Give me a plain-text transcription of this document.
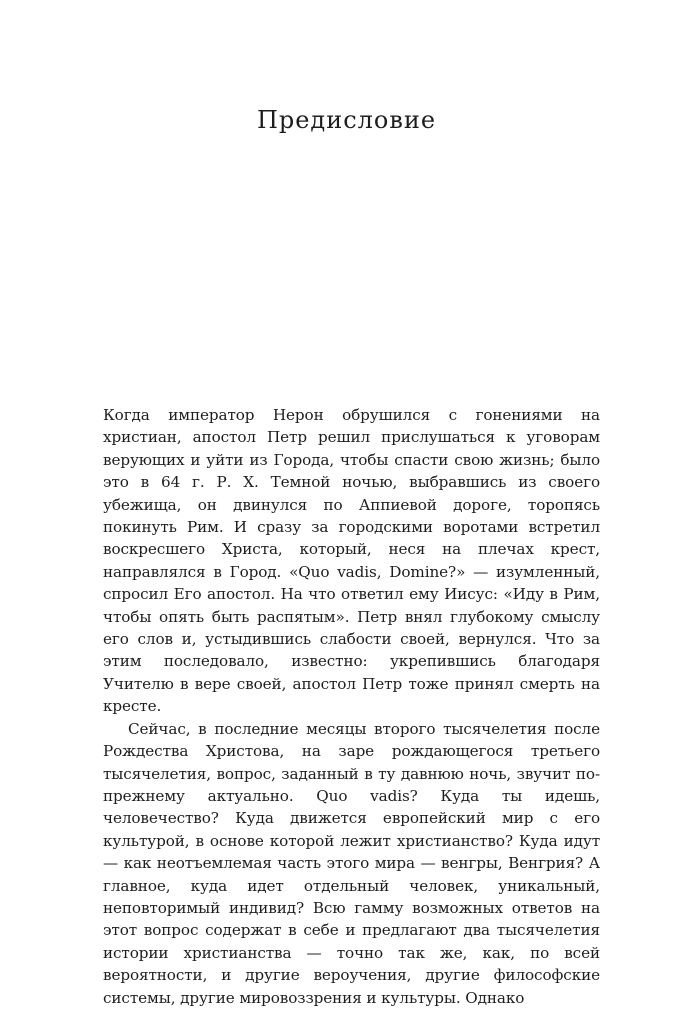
Предисловие

Когда император Нерон обрушился с гонениями на христиан, апостол Петр решил прислушаться к уговорам верующих и уйти из Города, чтобы спасти свою жизнь; было это в 64 г. Р. Х. Темной ночью, выбравшись из своего убежища, он двинулся по Аппиевой дороге, торопясь покинуть Рим. И сразу за городскими воротами встретил воскресшего Христа, который, неся на плечах крест, направлялся в Город. «Quo vadis, Domine?» — изумленный, спросил Его апостол. На что ответил ему Иисус: «Иду в Рим, чтобы опять быть распятым». Петр внял глубокому смыслу его слов и, устыдившись слабости своей, вернулся. Что за этим последовало, известно: укрепившись благодаря Учителю в вере своей, апостол Петр тоже принял смерть на кресте.

Сейчас, в последние месяцы второго тысячелетия после Рождества Христова, на заре рождающегося третьего тысячелетия, вопрос, заданный в ту давнюю ночь, звучит по-прежнему актуально. Quo vadis? Куда ты идешь, человечество? Куда движется европейский мир с его культурой, в основе которой лежит христианство? Куда идут — как неотъемлемая часть этого мира — венгры, Венгрия? А главное, куда идет отдельный человек, уникальный, неповторимый индивид? Всю гамму возможных ответов на этот вопрос содержат в себе и предлагают два тысячелетия истории христианства — точно так же, как, по всей вероятности, и другие вероучения, другие философские системы, другие мировоззрения и культуры. Однако
